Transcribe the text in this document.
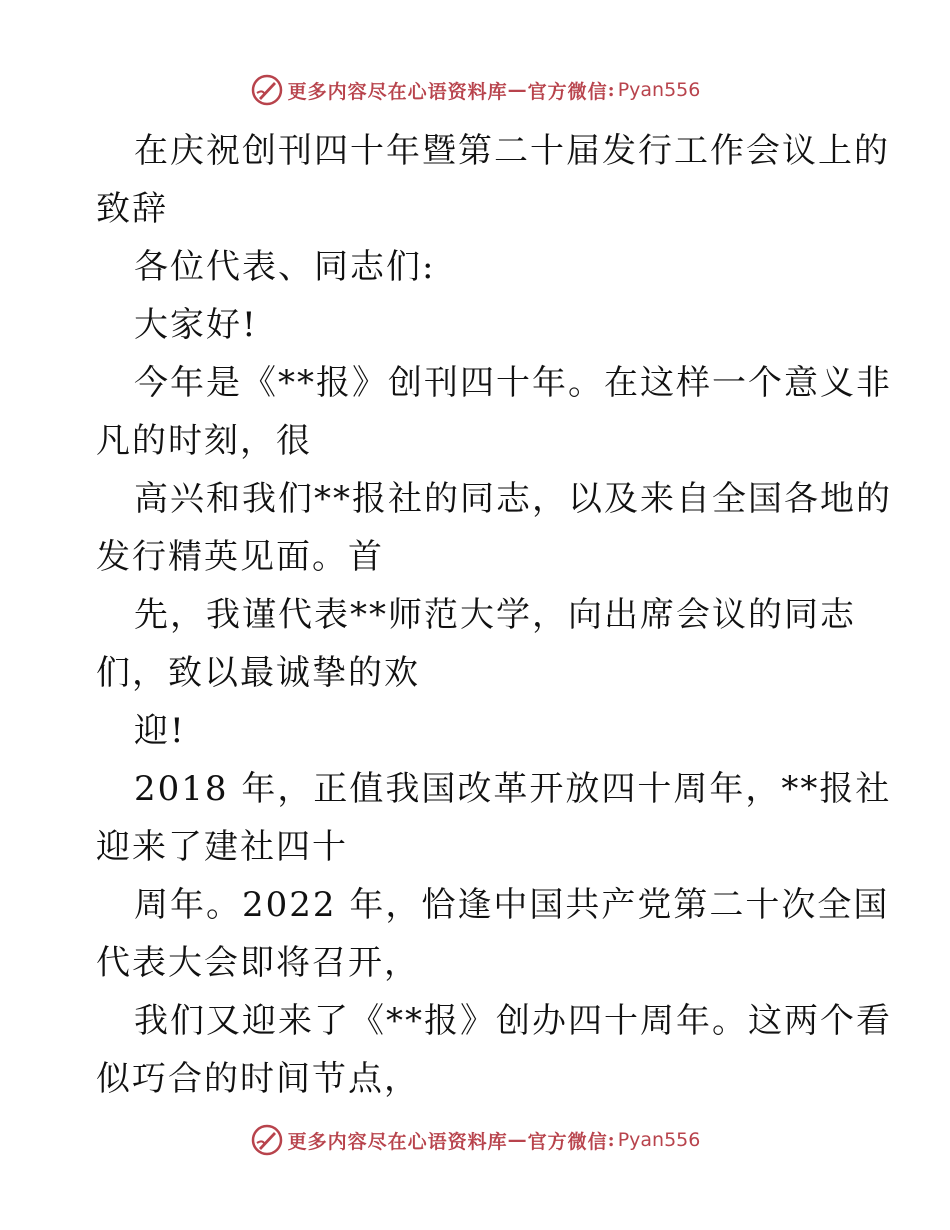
更多内容尽在心语资料库 — 官方微信 : Pyan556
在庆祝创刊四十年暨第二十届发行工作会议上的
致辞
各位代表、同志们:
大家好!
今年是《**报》创刊四十年。在这样一个意义非
凡的时刻，很
高兴和我们**报社的同志，以及来自全国各地的
发行精英见面。首
先，我谨代表**师范大学，向出席会议的同志
们，致以最诚挚的欢
迎!
2018 年，正值我国改革开放四十周年，**报社
迎来了建社四十
周年。2022 年，恰逢中国共产党第二十次全国
代表大会即将召开，
我们又迎来了《**报》创办四十周年。这两个看
似巧合的时间节点，
更多内容尽在心语资料库 — 官方微信 : Pyan556
